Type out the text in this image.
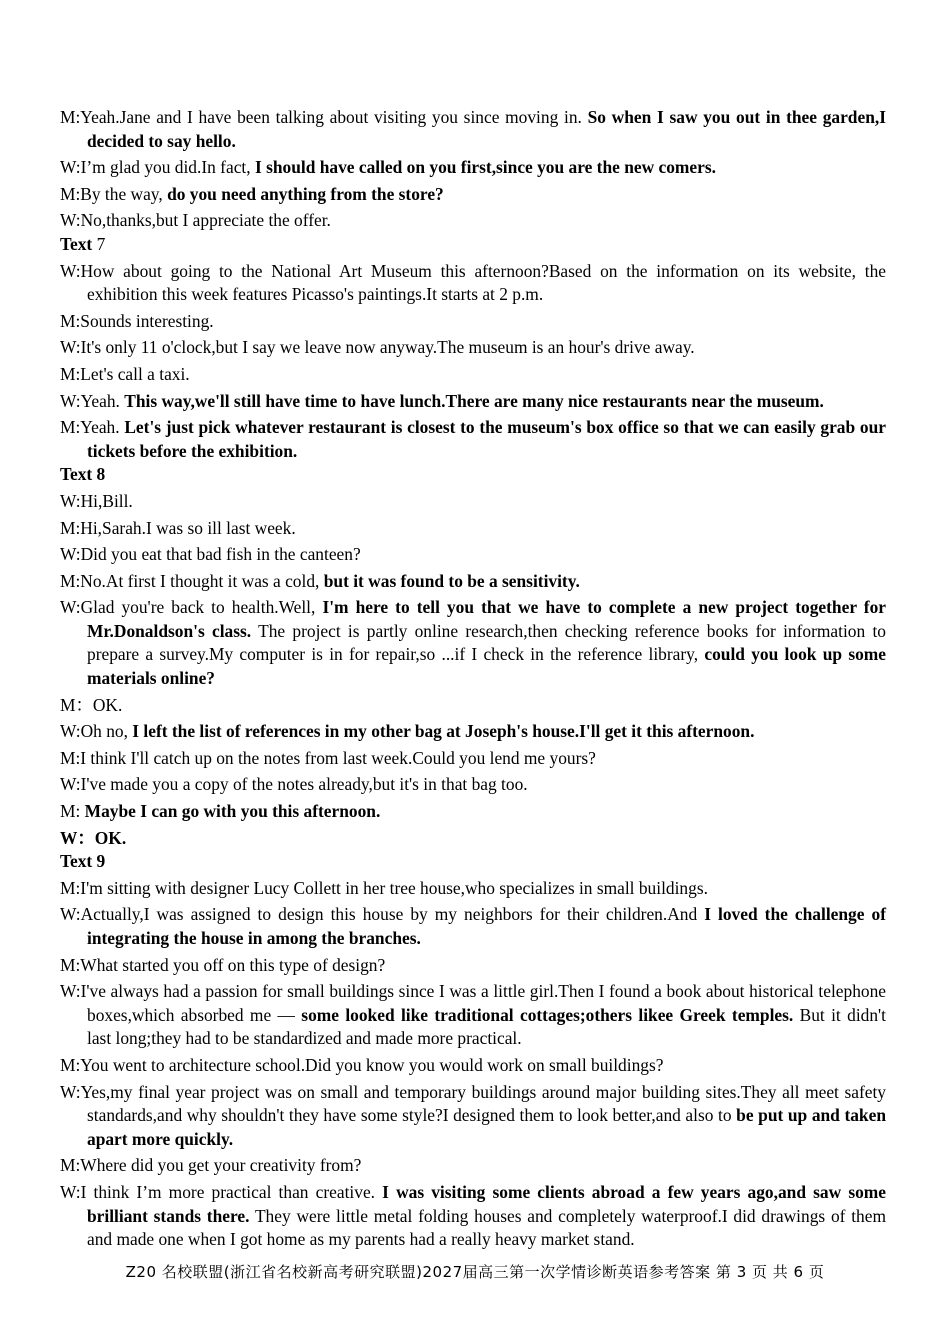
M:Yeah.Jane and I have been talking about visiting you since moving in. So when I saw you out in thee garden,I decided to say hello.

W:I’m glad you did.In fact, I should have called on you first,since you are the new comers.

M:By the way, do you need anything from the store?

W:No,thanks,but I appreciate the offer.

Text 7

W:How about going to the National Art Museum this afternoon?Based on the information on its website, the exhibition this week features Picasso's paintings.It starts at 2 p.m.

M:Sounds interesting.

W:It's only 11 o'clock,but I say we leave now anyway.The museum is an hour's drive away.

M:Let's call a taxi.

W:Yeah. This way,we'll still have time to have lunch.There are many nice restaurants near the museum.

M:Yeah. Let's just pick whatever restaurant is closest to the museum's box office so that we can easily grab our tickets before the exhibition.

Text 8

W:Hi,Bill.

M:Hi,Sarah.I was so ill last week.

W:Did you eat that bad fish in the canteen?

M:No.At first I thought it was a cold, but it was found to be a sensitivity.

W:Glad you're back to health.Well, I'm here to tell you that we have to complete a new project together for Mr.Donaldson's class. The project is partly online research,then checking reference books for information to prepare a survey.My computer is in for repair,so ...if I check in the reference library, could you look up some materials online?

M：OK.

W:Oh no, I left the list of references in my other bag at Joseph's house.I'll get it this afternoon.

M:I think I'll catch up on the notes from last week.Could you lend me yours?

W:I've made you a copy of the notes already,but it's in that bag too.

M: Maybe I can go with you this afternoon.

W：OK.

Text 9

M:I'm sitting with designer Lucy Collett in her tree house,who specializes in small buildings.

W:Actually,I was assigned to design this house by my neighbors for their children.And I loved the challenge of integrating the house in among the branches.

M:What started you off on this type of design?

W:I've always had a passion for small buildings since I was a little girl.Then I found a book about historical telephone boxes,which absorbed me — some looked like traditional cottages;others likee Greek temples. But it didn't last long;they had to be standardized and made more practical.

M:You went to architecture school.Did you know you would work on small buildings?

W:Yes,my final year project was on small and temporary buildings around major building sites.They all meet safety standards,and why shouldn't they have some style?I designed them to look better,and also to be put up and taken apart more quickly.

M:Where did you get your creativity from?

W:I think I’m more practical than creative. I was visiting some clients abroad a few years ago,and saw some brilliant stands there. They were little metal folding houses and completely waterproof.I did drawings of them and made one when I got home as my parents had a really heavy market stand.

Z20 名校联盟(浙江省名校新高考研究联盟)2027届高三第一次学情诊断英语参考答案 第 3 页 共 6 页
